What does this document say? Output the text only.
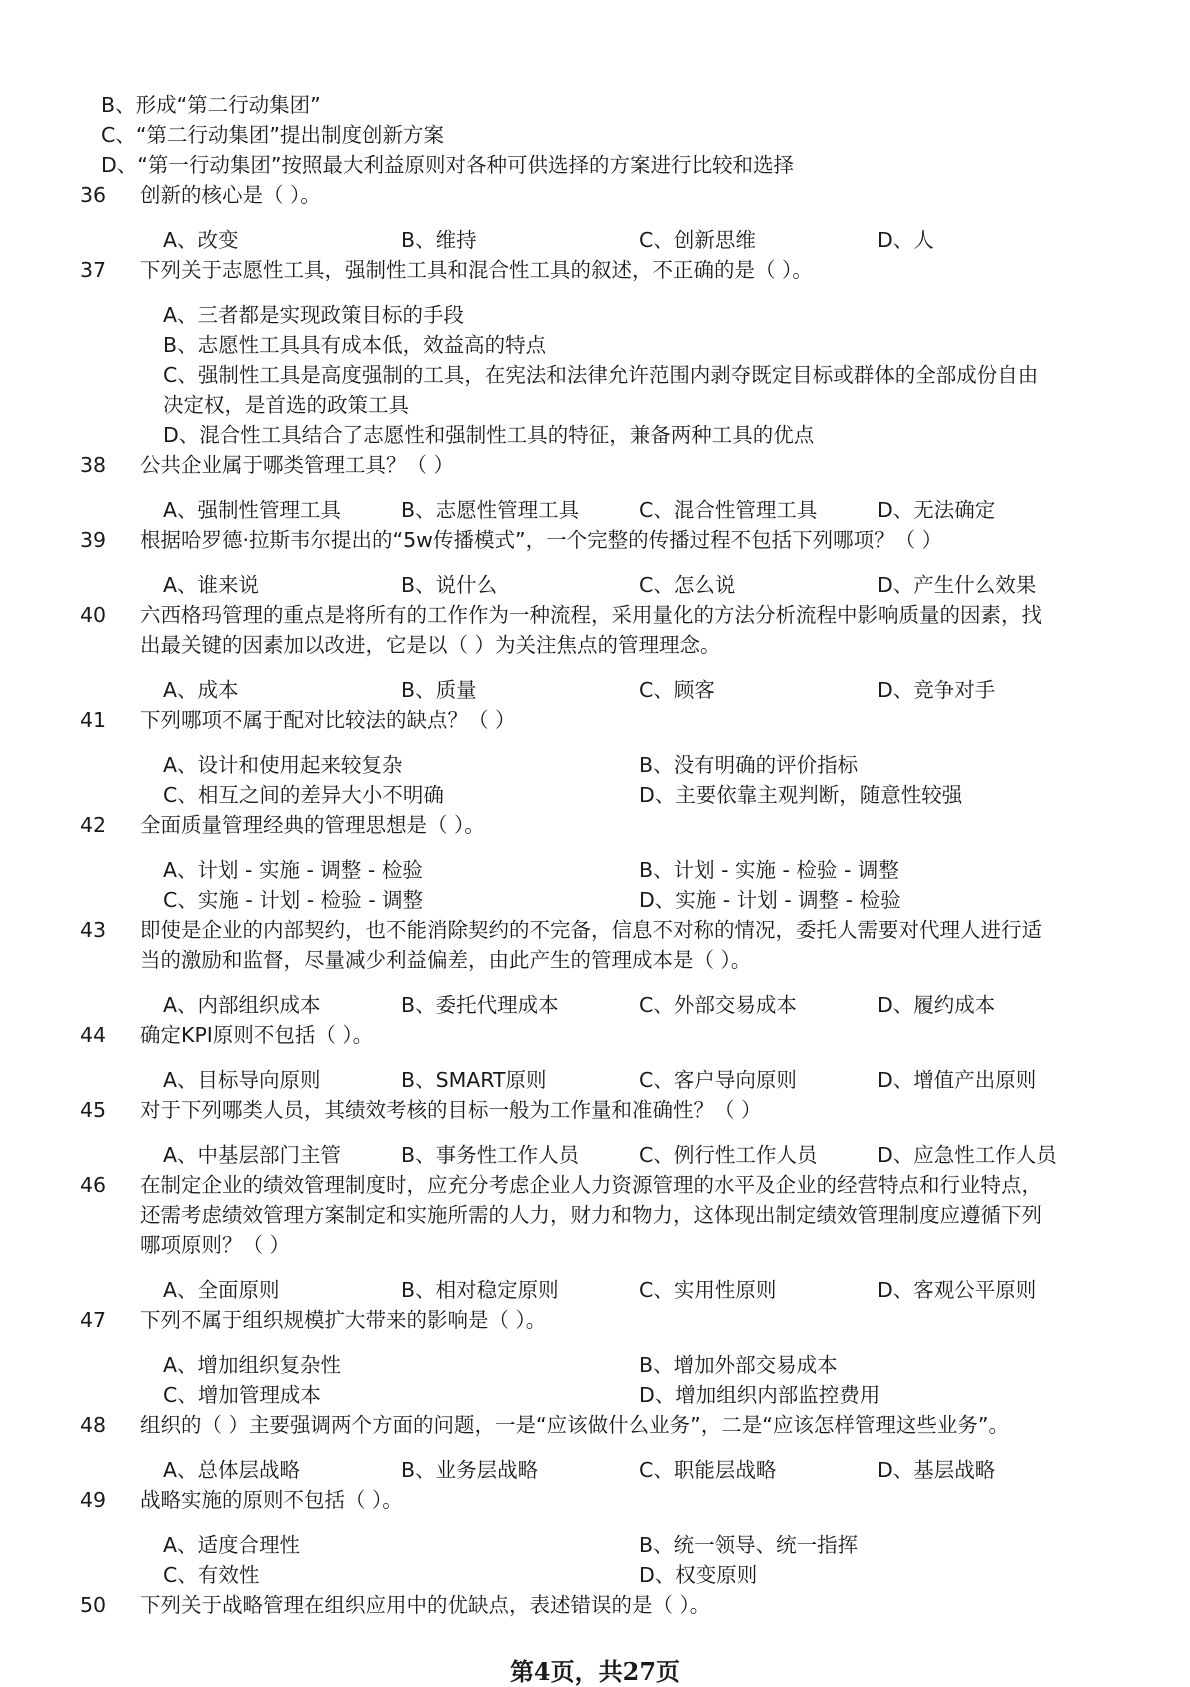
B、形成“第二行动集团”
C、“第二行动集团”提出制度创新方案
D、“第一行动集团”按照最大利益原则对各种可供选择的方案进行比较和选择
36	创新的核心是（ ）。
A、改变	B、维持	C、创新思维	D、人
37	下列关于志愿性工具，强制性工具和混合性工具的叙述，不正确的是（ ）。
A、三者都是实现政策目标的手段
B、志愿性工具具有成本低，效益高的特点
C、强制性工具是高度强制的工具，在宪法和法律允许范围内剥夺既定目标或群体的全部成份自由
决定权，是首选的政策工具
D、混合性工具结合了志愿性和强制性工具的特征，兼备两种工具的优点
38	公共企业属于哪类管理工具？（ ）
A、强制性管理工具	B、志愿性管理工具	C、混合性管理工具	D、无法确定
39	根据哈罗德·拉斯韦尔提出的“5w传播模式”，一个完整的传播过程不包括下列哪项？（ ）
A、谁来说	B、说什么	C、怎么说	D、产生什么效果
40	六西格玛管理的重点是将所有的工作作为一种流程，采用量化的方法分析流程中影响质量的因素，找
出最关键的因素加以改进，它是以（ ）为关注焦点的管理理念。
A、成本	B、质量	C、顾客	D、竞争对手
41	下列哪项不属于配对比较法的缺点？（ ）
A、设计和使用起来较复杂	B、没有明确的评价指标
C、相互之间的差异大小不明确	D、主要依靠主观判断，随意性较强
42	全面质量管理经典的管理思想是（ ）。
A、计划 - 实施 - 调整 - 检验	B、计划 - 实施 - 检验 - 调整
C、实施 - 计划 - 检验 - 调整	D、实施 - 计划 - 调整 - 检验
43	即使是企业的内部契约，也不能消除契约的不完备，信息不对称的情况，委托人需要对代理人进行适
当的激励和监督，尽量减少利益偏差，由此产生的管理成本是（ ）。
A、内部组织成本	B、委托代理成本	C、外部交易成本	D、履约成本
44	确定KPI原则不包括（ ）。
A、目标导向原则	B、SMART原则	C、客户导向原则	D、增值产出原则
45	对于下列哪类人员，其绩效考核的目标一般为工作量和准确性？（ ）
A、中基层部门主管	B、事务性工作人员	C、例行性工作人员	D、应急性工作人员
46	在制定企业的绩效管理制度时，应充分考虑企业人力资源管理的水平及企业的经营特点和行业特点，
还需考虑绩效管理方案制定和实施所需的人力，财力和物力，这体现出制定绩效管理制度应遵循下列
哪项原则？（ ）
A、全面原则	B、相对稳定原则	C、实用性原则	D、客观公平原则
47	下列不属于组织规模扩大带来的影响是（ ）。
A、增加组织复杂性	B、增加外部交易成本
C、增加管理成本	D、增加组织内部监控费用
48	组织的（ ）主要强调两个方面的问题，一是“应该做什么业务”，二是“应该怎样管理这些业务”。
A、总体层战略	B、业务层战略	C、职能层战略	D、基层战略
49	战略实施的原则不包括（ ）。
A、适度合理性	B、统一领导、统一指挥
C、有效性	D、权变原则
50	下列关于战略管理在组织应用中的优缺点，表述错误的是（ ）。
第4页，共27页
